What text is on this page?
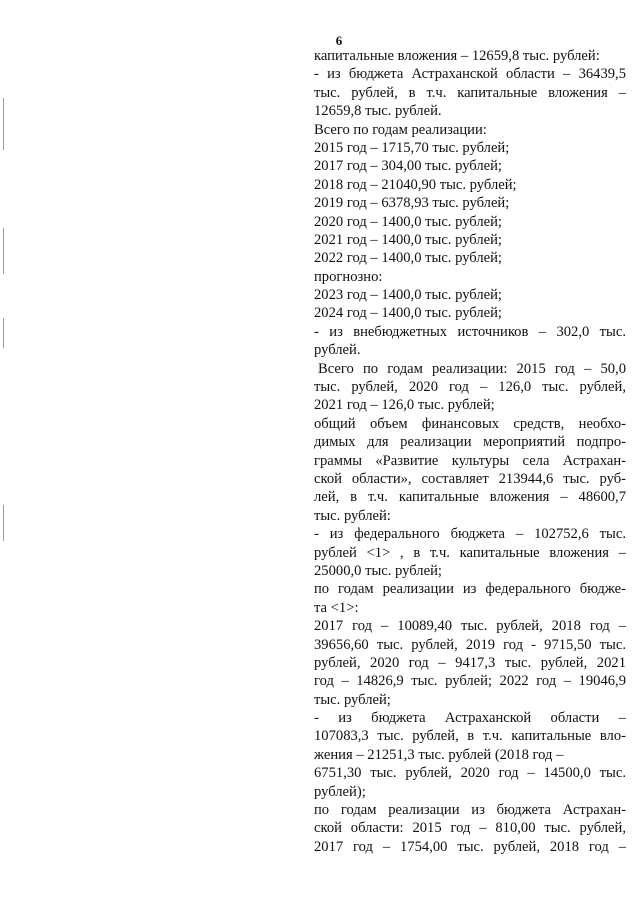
6
капитальные вложения – 12659,8 тыс. рублей:
- из бюджета Астраханской области – 36439,5
тыс. рублей, в т.ч. капитальные вложения –
12659,8 тыс. рублей.
Всего по годам реализации:
2015 год – 1715,70 тыс. рублей;
2017 год – 304,00 тыс. рублей;
2018 год – 21040,90 тыс. рублей;
2019 год – 6378,93 тыс. рублей;
2020 год – 1400,0 тыс. рублей;
2021 год – 1400,0 тыс. рублей;
2022 год – 1400,0 тыс. рублей;
прогнозно:
2023 год – 1400,0 тыс. рублей;
2024 год – 1400,0 тыс. рублей;
- из внебюджетных источников – 302,0 тыс.
рублей.
Всего по годам реализации: 2015 год – 50,0
тыс. рублей, 2020 год – 126,0 тыс. рублей,
2021 год – 126,0 тыс. рублей;
общий объем финансовых средств, необхо-
димых для реализации мероприятий подпро-
граммы «Развитие культуры села Астрахан-
ской области», составляет 213944,6 тыс. руб-
лей, в т.ч. капитальные вложения – 48600,7
тыс. рублей:
- из федерального бюджета – 102752,6 тыс.
рублей <1> , в т.ч. капитальные вложения –
25000,0 тыс. рублей;
по годам реализации из федерального бюдже-
та <1>:
2017 год – 10089,40 тыс. рублей, 2018 год –
39656,60 тыс. рублей, 2019 год - 9715,50 тыс.
рублей, 2020 год – 9417,3 тыс. рублей, 2021
год – 14826,9 тыс. рублей; 2022 год – 19046,9
тыс. рублей;
- из бюджета Астраханской области –
107083,3 тыс. рублей, в т.ч. капитальные вло-
жения – 21251,3 тыс. рублей (2018 год –
6751,30 тыс. рублей, 2020 год – 14500,0 тыс.
рублей);
по годам реализации из бюджета Астрахан-
ской области: 2015 год – 810,00 тыс. рублей,
2017 год – 1754,00 тыс. рублей, 2018 год –
